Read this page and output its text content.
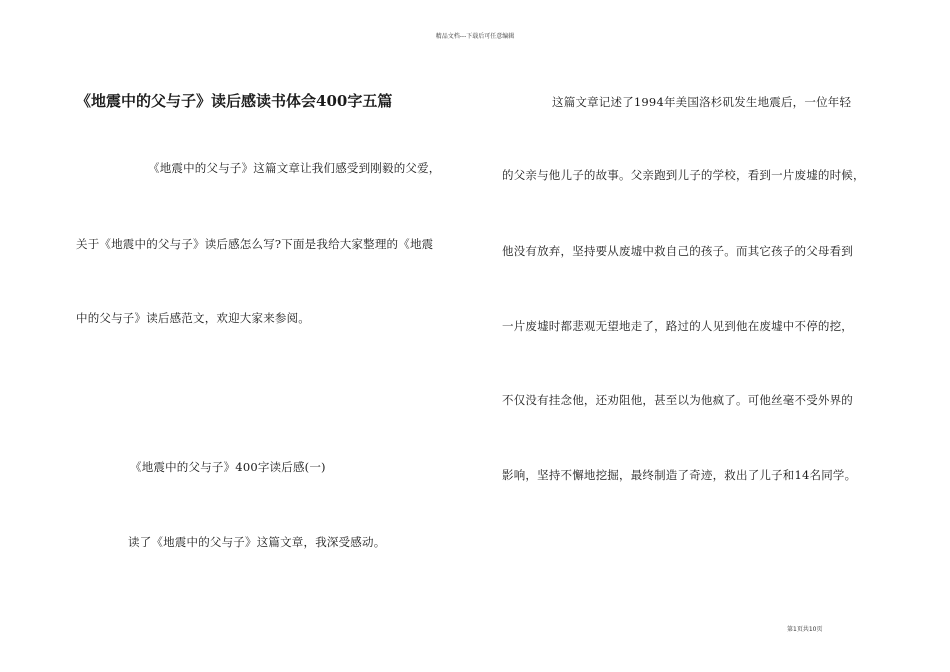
精品文档---下载后可任意编辑
《地震中的父与子》读后感读书体会400字五篇
《地震中的父与子》这篇文章让我们感受到刚毅的父爱，
关于《地震中的父与子》读后感怎么写?下面是我给大家整理的《地震
中的父与子》读后感范文，欢迎大家来参阅。
《地震中的父与子》400字读后感(一)
读了《地震中的父与子》这篇文章，我深受感动。
这篇文章记述了1994年美国洛杉矶发生地震后，一位年轻
的父亲与他儿子的故事。父亲跑到儿子的学校，看到一片废墟的时候，
他没有放弃，坚持要从废墟中救自己的孩子。而其它孩子的父母看到
一片废墟时都悲观无望地走了，路过的人见到他在废墟中不停的挖，
不仅没有挂念他，还劝阻他，甚至以为他疯了。可他丝毫不受外界的
影响，坚持不懈地挖掘，最终制造了奇迹，救出了儿子和14名同学。
第1页共10页
